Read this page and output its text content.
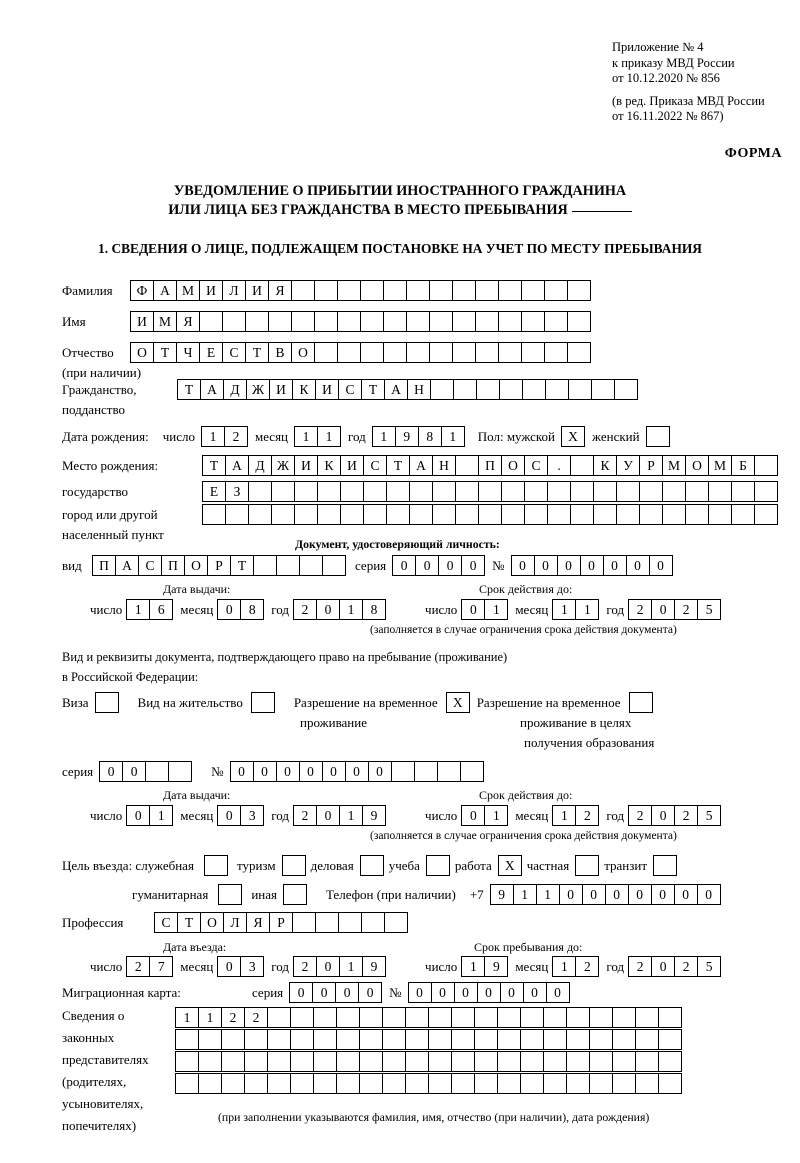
Приложение № 4
к приказу МВД России
от 10.12.2020 № 856
(в ред. Приказа МВД России
от 16.11.2022 № 867)
ФОРМА
УВЕДОМЛЕНИЕ О ПРИБЫТИИ ИНОСТРАННОГО ГРАЖДАНИНА
ИЛИ ЛИЦА БЕЗ ГРАЖДАНСТВА В МЕСТО ПРЕБЫВАНИЯ
1. СВЕДЕНИЯ О ЛИЦЕ, ПОДЛЕЖАЩЕМ ПОСТАНОВКЕ НА УЧЕТ ПО МЕСТУ ПРЕБЫВАНИЯ
Фамилия	Ф А М И	Л	И	Я
Имя	И М Я
Отчество	О	Т	Ч	Е	С	Т	В	О
(при наличии)
Гражданство,	Т	А	Д Ж И	К	И	С	Т	А Н
подданство
Дата рождения: число	1	2	месяц	1	1	год	1	9	8	1	Пол: мужской X	женский
Место рождения:	Т	А	Д Ж И	К	И	С	Т	А Н	П О	С	.	К	У	Р М О М Б
государство	Е	З
город или другой
населенный пункт
Документ, удостоверяющий личность:
вид	П А	С	П О	Р	Т	серия	0	0	0	0	№	0	0	0	0	0	0	0
Дата выдачи:	Срок действия до:
число 1	6	месяц 0	8	год 2	0	1	8	число 0	1	месяц 1	1	год 2	0	2	5
(заполняется в случае ограничения срока действия документа)
Вид и реквизиты документа, подтверждающего право на пребывание (проживание)
в Российской Федерации:
Виза	Вид на жительство	Разрешение на временное	X	Разрешение на временное
проживание	проживание в целях
получения образования
серия	0	0	№	0	0	0	0	0	0	0
Дата выдачи:	Срок действия до:
число 0	1	месяц 0	3	год 2	0	1	9	число 0	1	месяц 1	2	год 2	0	2	5
(заполняется в случае ограничения срока действия документа)
Цель въезда: служебная	туризм	деловая	учеба	работа X частная	транзит
гуманитарная	иная	Телефон (при наличии) +7	9	1	1	0	0	0	0	0	0	0
Профессия	С	Т	О	Л	Я	Р
Дата въезда:	Срок пребывания до:
число 2	7	месяц 0	3	год 2	0	1	9	число 1	9	месяц 1	2	год 2	0	2	5
Миграционная карта:	серия	0	0	0	0	№	0	0	0	0	0	0	0
Сведения о
законных
представителях
(родителях,
усыновителях,
попечителях)
1	1	2	2
(при заполнении указываются фамилия, имя, отчество (при наличии), дата рождения)
